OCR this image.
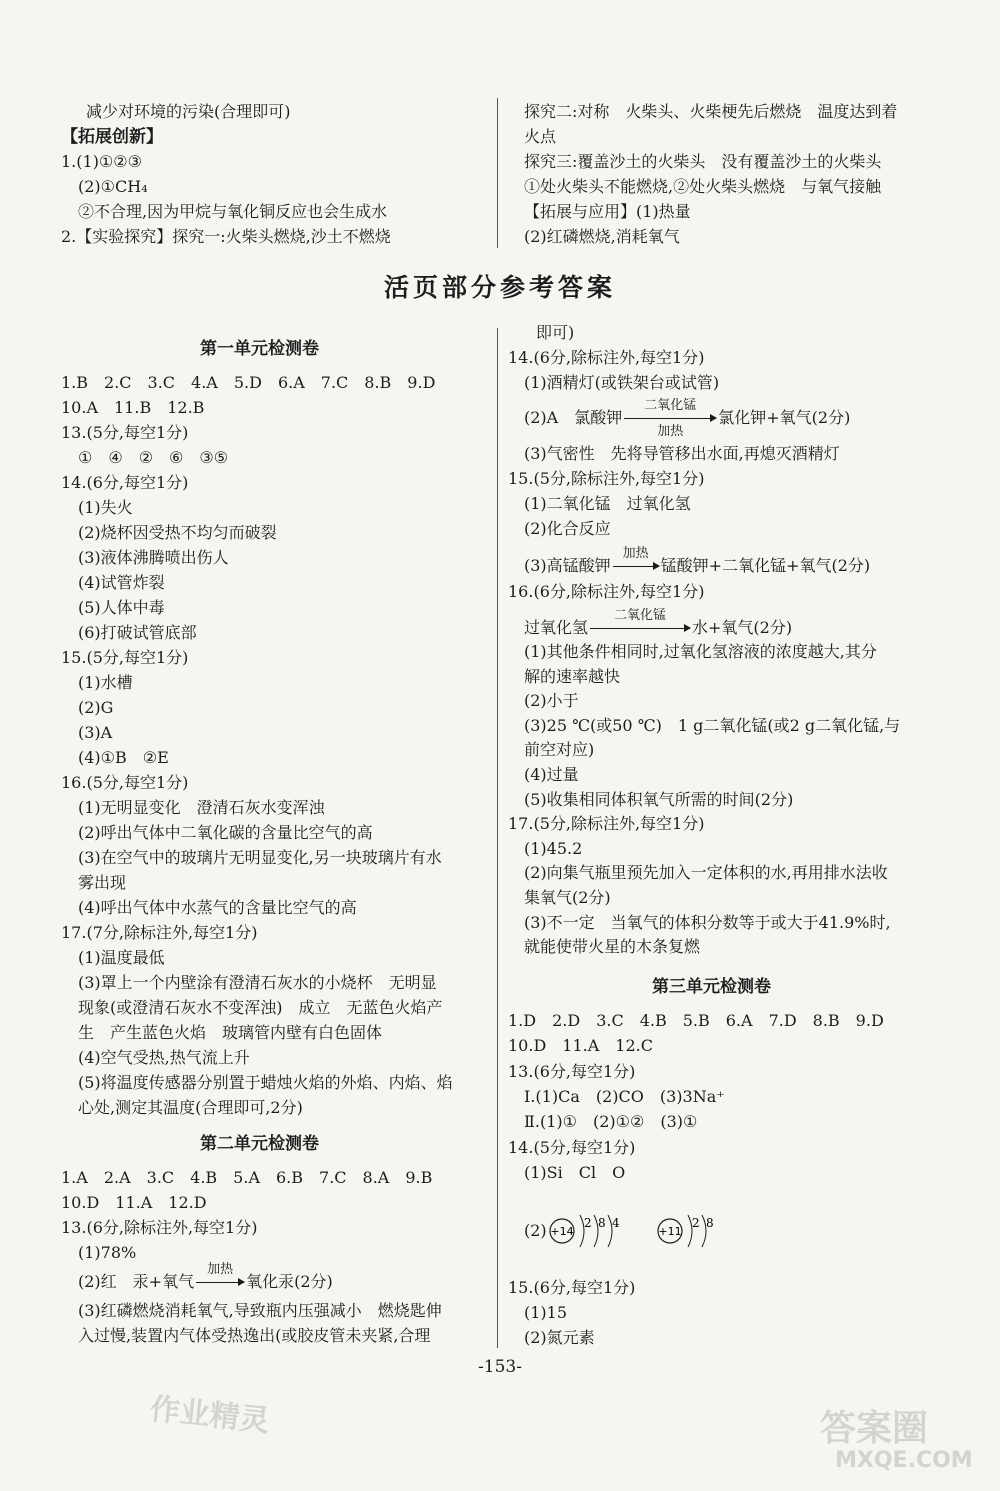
减少对环境的污染(合理即可)
【拓展创新】
1.(1)①②③
(2)①CH₄
②不合理,因为甲烷与氧化铜反应也会生成水
2.【实验探究】探究一:火柴头燃烧,沙土不燃烧
探究二:对称　火柴头、火柴梗先后燃烧　温度达到着
火点
探究三:覆盖沙土的火柴头　没有覆盖沙土的火柴头
①处火柴头不能燃烧,②处火柴头燃烧　与氧气接触
【拓展与应用】(1)热量
(2)红磷燃烧,消耗氧气
活页部分参考答案
第一单元检测卷
1.B　2.C　3.C　4.A　5.D　6.A　7.C　8.B　9.D
10.A　11.B　12.B
13.(5分,每空1分)
①　④　②　⑥　③⑤
14.(6分,每空1分)
(1)失火
(2)烧杯因受热不均匀而破裂
(3)液体沸腾喷出伤人
(4)试管炸裂
(5)人体中毒
(6)打破试管底部
15.(5分,每空1分)
(1)水槽
(2)G
(3)A
(4)①B　②E
16.(5分,每空1分)
(1)无明显变化　澄清石灰水变浑浊
(2)呼出气体中二氧化碳的含量比空气的高
(3)在空气中的玻璃片无明显变化,另一块玻璃片有水
雾出现
(4)呼出气体中水蒸气的含量比空气的高
17.(7分,除标注外,每空1分)
(1)温度最低
(3)罩上一个内壁涂有澄清石灰水的小烧杯　无明显
现象(或澄清石灰水不变浑浊)　成立　无蓝色火焰产
生　产生蓝色火焰　玻璃管内壁有白色固体
(4)空气受热,热气流上升
(5)将温度传感器分别置于蜡烛火焰的外焰、内焰、焰
心处,测定其温度(合理即可,2分)
第二单元检测卷
1.A　2.A　3.C　4.B　5.A　6.B　7.C　8.A　9.B
10.D　11.A　12.D
13.(6分,除标注外,每空1分)
(1)78%
(2)红　汞+氧气
加热
氧化汞(2分)
(3)红磷燃烧消耗氧气,导致瓶内压强减小　燃烧匙伸
入过慢,装置内气体受热逸出(或胶皮管未夹紧,合理
即可)
14.(6分,除标注外,每空1分)
(1)酒精灯(或铁架台或试管)
(2)A　氯酸钾
二氧化锰
加热
氯化钾+氧气(2分)
(3)气密性　先将导管移出水面,再熄灭酒精灯
15.(5分,除标注外,每空1分)
(1)二氧化锰　过氧化氢
(2)化合反应
(3)高锰酸钾
加热
锰酸钾+二氧化锰+氧气(2分)
16.(6分,除标注外,每空1分)
过氧化氢
二氧化锰
水+氧气(2分)
(1)其他条件相同时,过氧化氢溶液的浓度越大,其分
解的速率越快
(2)小于
(3)25 ℃(或50 ℃)　1 g二氧化锰(或2 g二氧化锰,与
前空对应)
(4)过量
(5)收集相同体积氧气所需的时间(2分)
17.(5分,除标注外,每空1分)
(1)45.2
(2)向集气瓶里预先加入一定体积的水,再用排水法收
集氧气(2分)
(3)不一定　当氧气的体积分数等于或大于41.9%时,
就能使带火星的木条复燃
第三单元检测卷
1.D　2.D　3.C　4.B　5.B　6.A　7.D　8.B　9.D
10.D　11.A　12.C
13.(6分,每空1分)
Ⅰ.(1)Ca　(2)CO　(3)3Na⁺
Ⅱ.(1)①　(2)①②　(3)①
14.(5分,每空1分)
(1)Si　Cl　O
(2) +14
2 8 4
+11
2 8
15.(6分,每空1分)
(1)15
(2)氮元素
-153-
作业精灵	答案圈
MXQE.COM
